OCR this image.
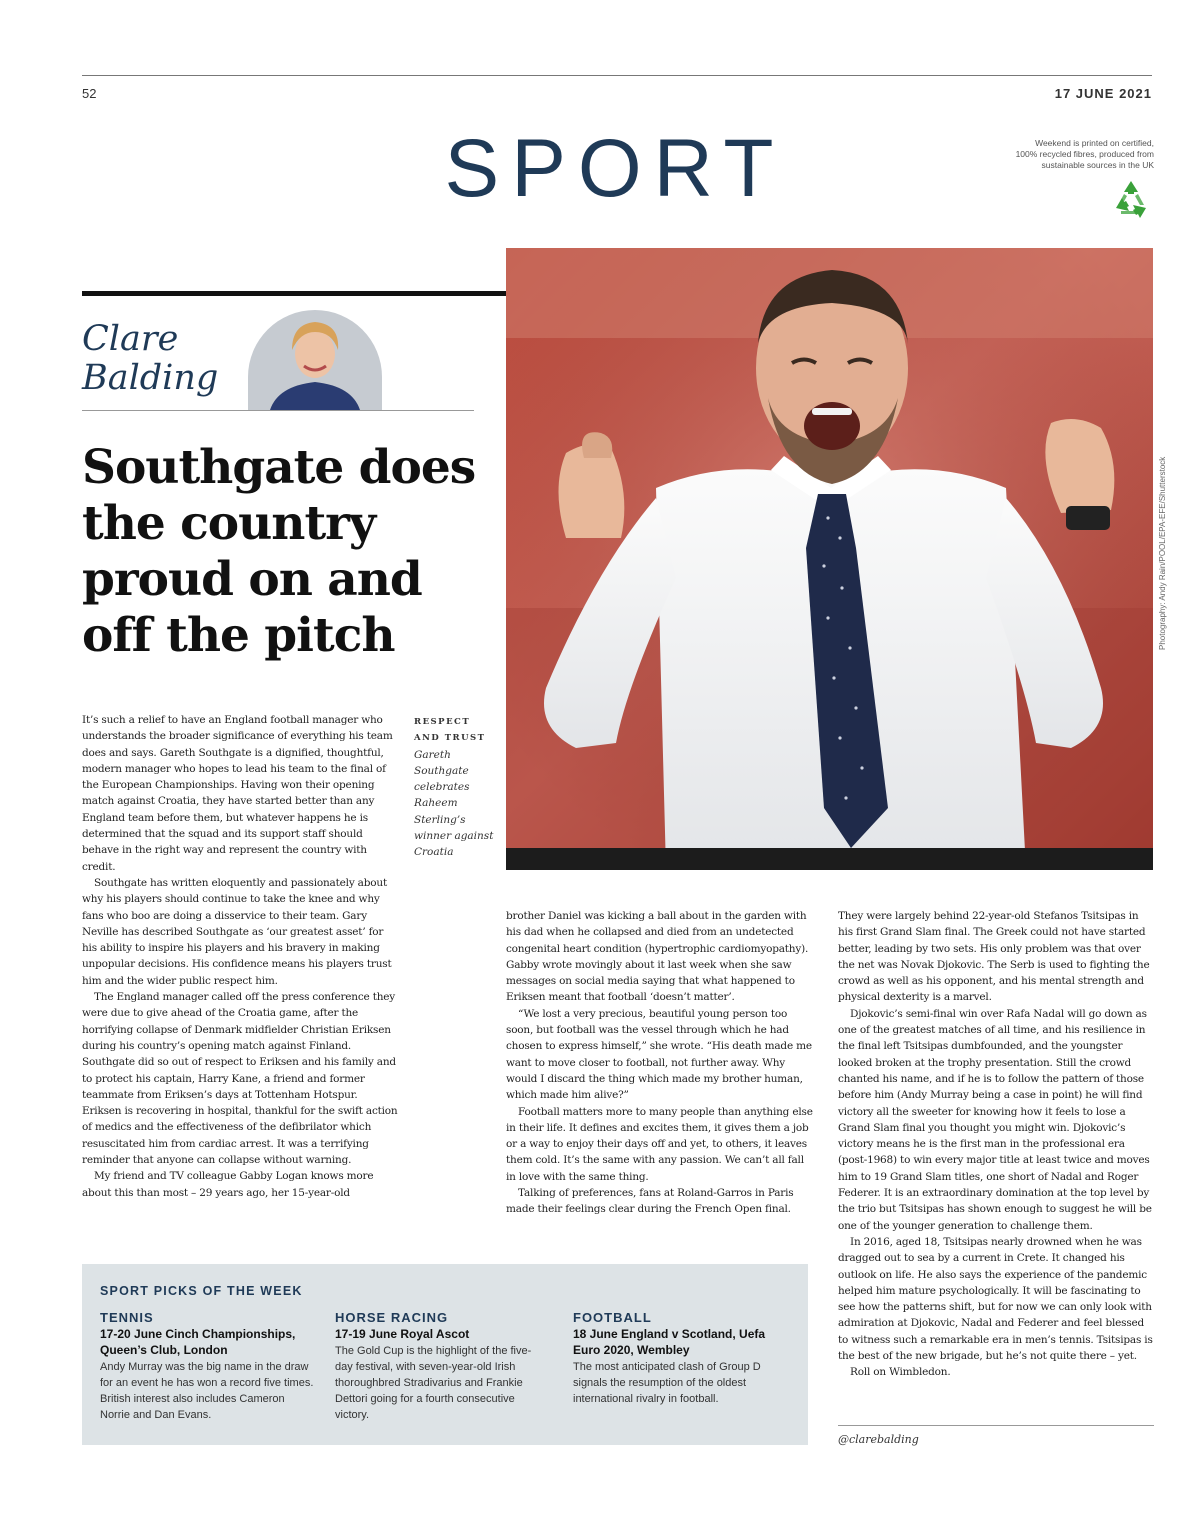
52	17 JUNE 2021
SPORT	Weekend is printed on certified,
100% recycled fibres, produced from
sustainable sources in the UK
Photography: Andy Rain/POOL/EPA-EFE/Shutterstock
Clare
Balding
Southgate does
the country
proud on and
off the pitch
RESPECT
AND TRUST
Gareth Southgate celebrates Raheem Sterling’s winner against Croatia

It’s such a relief to have an England football manager who understands the broader significance of everything his team does and says. Gareth Southgate is a dignified, thoughtful, modern manager who hopes to lead his team to the final of the European Championships. Having won their opening match against Croatia, they have started better than any England team before them, but whatever happens he is determined that the squad and its support staff should behave in the right way and represent the country with credit.

Southgate has written eloquently and passionately about why his players should continue to take the knee and why fans who boo are doing a disservice to their team. Gary Neville has described Southgate as ‘our greatest asset’ for his ability to inspire his players and his bravery in making unpopular decisions. His confidence means his players trust him and the wider public respect him.

The England manager called off the press conference they were due to give ahead of the Croatia game, after the horrifying collapse of Denmark midfielder Christian Eriksen during his country’s opening match against Finland. Southgate did so out of respect to Eriksen and his family and to protect his captain, Harry Kane, a friend and former teammate from Eriksen’s days at Tottenham Hotspur. Eriksen is recovering in hospital, thankful for the swift action of medics and the effectiveness of the defibrilator which resuscitated him from cardiac arrest. It was a terrifying reminder that anyone can collapse without warning.

My friend and TV colleague Gabby Logan knows more about this than most – 29 years ago, her 15-year-old

brother Daniel was kicking a ball about in the garden with his dad when he collapsed and died from an undetected congenital heart condition (hypertrophic cardiomyopathy). Gabby wrote movingly about it last week when she saw messages on social media saying that what happened to Eriksen meant that football ‘doesn’t matter’.

“We lost a very precious, beautiful young person too soon, but football was the vessel through which he had chosen to express himself,” she wrote. “His death made me want to move closer to football, not further away. Why would I discard the thing which made my brother human, which made him alive?”

Football matters more to many people than anything else in their life. It defines and excites them, it gives them a job or a way to enjoy their days off and yet, to others, it leaves them cold. It’s the same with any passion. We can’t all fall in love with the same thing.

Talking of preferences, fans at Roland-Garros in Paris made their feelings clear during the French Open final.

They were largely behind 22-year-old Stefanos Tsitsipas in his first Grand Slam final. The Greek could not have started better, leading by two sets. His only problem was that over the net was Novak Djokovic. The Serb is used to fighting the crowd as well as his opponent, and his mental strength and physical dexterity is a marvel.

Djokovic’s semi-final win over Rafa Nadal will go down as one of the greatest matches of all time, and his resilience in the final left Tsitsipas dumbfounded, and the youngster looked broken at the trophy presentation. Still the crowd chanted his name, and if he is to follow the pattern of those before him (Andy Murray being a case in point) he will find victory all the sweeter for knowing how it feels to lose a Grand Slam final you thought you might win. Djokovic’s victory means he is the first man in the professional era (post-1968) to win every major title at least twice and moves him to 19 Grand Slam titles, one short of Nadal and Roger Federer. It is an extraordinary domination at the top level by the trio but Tsitsipas has shown enough to suggest he will be one of the younger generation to challenge them.

In 2016, aged 18, Tsitsipas nearly drowned when he was dragged out to sea by a current in Crete. It changed his outlook on life. He also says the experience of the pandemic helped him mature psychologically. It will be fascinating to see how the patterns shift, but for now we can only look with admiration at Djokovic, Nadal and Federer and feel blessed to witness such a remarkable era in men’s tennis. Tsitsipas is the best of the new brigade, but he’s not quite there – yet.

Roll on Wimbledon.

SPORT PICKS OF THE WEEK
TENNIS
17-20 June Cinch Championships, Queen’s Club, London
Andy Murray was the big name in the draw for an event he has won a record five times. British interest also includes Cameron Norrie and Dan Evans.
HORSE RACING
17-19 June Royal Ascot
The Gold Cup is the highlight of the five-day festival, with seven-year-old Irish thoroughbred Stradivarius and Frankie Dettori going for a fourth consecutive victory.
FOOTBALL
18 June England v Scotland, Uefa Euro 2020, Wembley
The most anticipated clash of Group D signals the resumption of the oldest international rivalry in football.
@clarebalding
